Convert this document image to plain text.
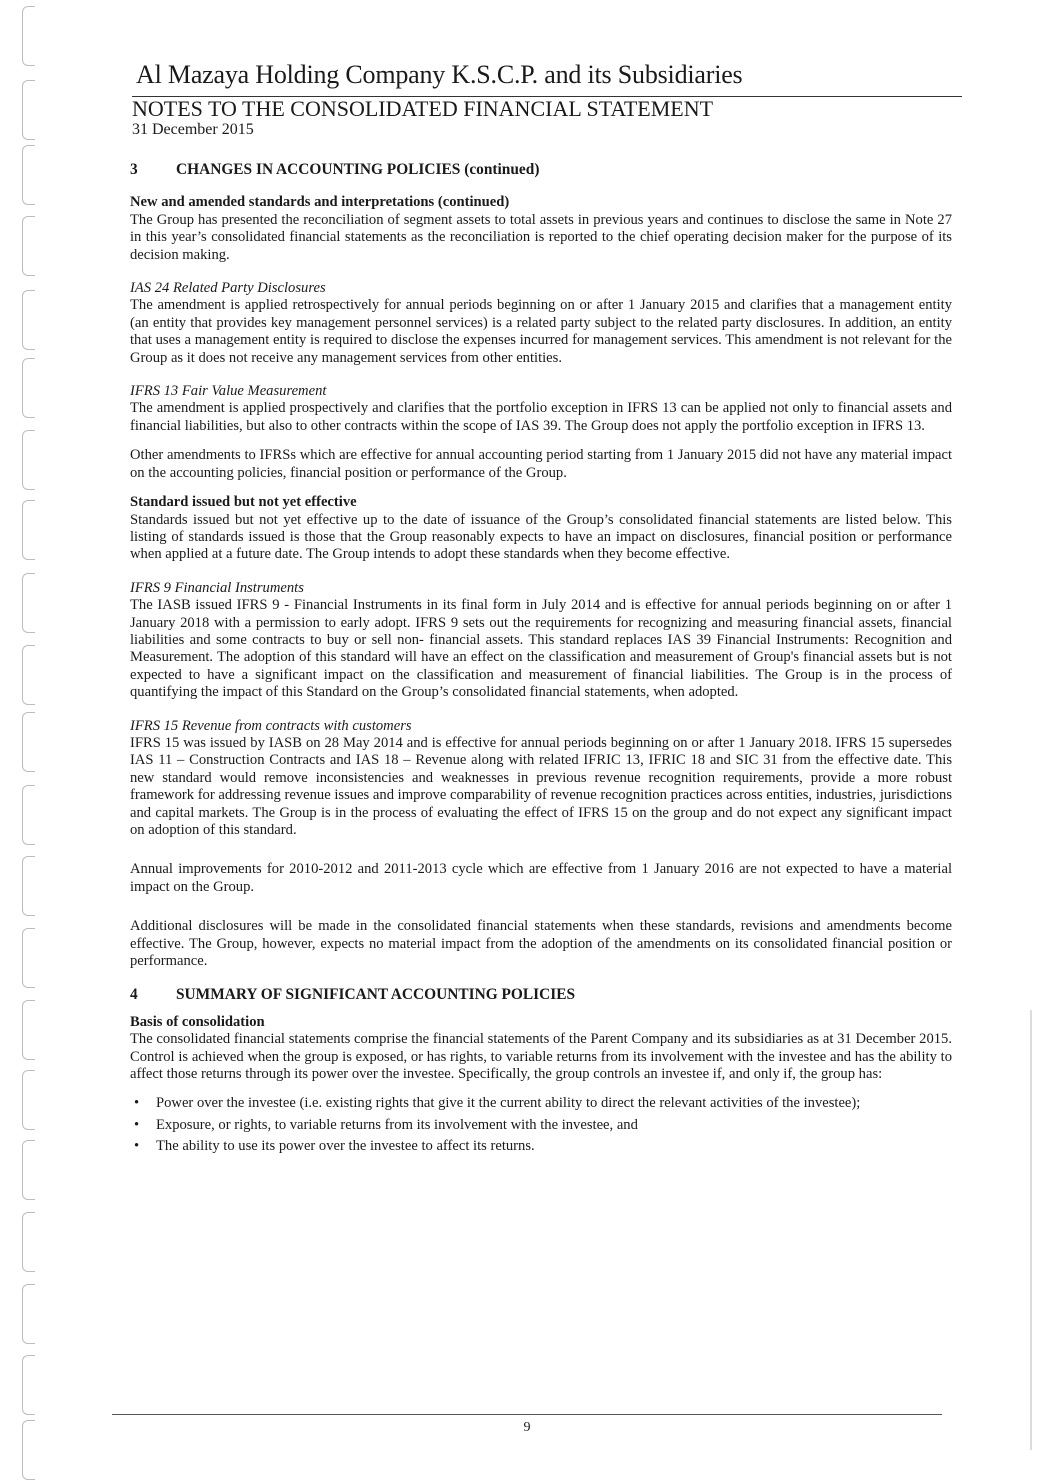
Al Mazaya Holding Company K.S.C.P. and its Subsidiaries
NOTES TO THE CONSOLIDATED FINANCIAL STATEMENT
31 December 2015
3 CHANGES IN ACCOUNTING POLICIES (continued)
New and amended standards and interpretations (continued)

The Group has presented the reconciliation of segment assets to total assets in previous years and continues to disclose the same in Note 27 in this year’s consolidated financial statements as the reconciliation is reported to the chief operating decision maker for the purpose of its decision making.

IAS 24 Related Party Disclosures

The amendment is applied retrospectively for annual periods beginning on or after 1 January 2015 and clarifies that a management entity (an entity that provides key management personnel services) is a related party subject to the related party disclosures. In addition, an entity that uses a management entity is required to disclose the expenses incurred for management services. This amendment is not relevant for the Group as it does not receive any management services from other entities.

IFRS 13 Fair Value Measurement

The amendment is applied prospectively and clarifies that the portfolio exception in IFRS 13 can be applied not only to financial assets and financial liabilities, but also to other contracts within the scope of IAS 39. The Group does not apply the portfolio exception in IFRS 13.

Other amendments to IFRSs which are effective for annual accounting period starting from 1 January 2015 did not have any material impact on the accounting policies, financial position or performance of the Group.

Standard issued but not yet effective

Standards issued but not yet effective up to the date of issuance of the Group’s consolidated financial statements are listed below. This listing of standards issued is those that the Group reasonably expects to have an impact on disclosures, financial position or performance when applied at a future date. The Group intends to adopt these standards when they become effective.

IFRS 9 Financial Instruments

The IASB issued IFRS 9 - Financial Instruments in its final form in July 2014 and is effective for annual periods beginning on or after 1 January 2018 with a permission to early adopt. IFRS 9 sets out the requirements for recognizing and measuring financial assets, financial liabilities and some contracts to buy or sell non- financial assets. This standard replaces IAS 39 Financial Instruments: Recognition and Measurement. The adoption of this standard will have an effect on the classification and measurement of Group's financial assets but is not expected to have a significant impact on the classification and measurement of financial liabilities. The Group is in the process of quantifying the impact of this Standard on the Group’s consolidated financial statements, when adopted.

IFRS 15 Revenue from contracts with customers

IFRS 15 was issued by IASB on 28 May 2014 and is effective for annual periods beginning on or after 1 January 2018. IFRS 15 supersedes IAS 11 – Construction Contracts and IAS 18 – Revenue along with related IFRIC 13, IFRIC 18 and SIC 31 from the effective date. This new standard would remove inconsistencies and weaknesses in previous revenue recognition requirements, provide a more robust framework for addressing revenue issues and improve comparability of revenue recognition practices across entities, industries, jurisdictions and capital markets. The Group is in the process of evaluating the effect of IFRS 15 on the group and do not expect any significant impact on adoption of this standard.

Annual improvements for 2010-2012 and 2011-2013 cycle which are effective from 1 January 2016 are not expected to have a material impact on the Group.

Additional disclosures will be made in the consolidated financial statements when these standards, revisions and amendments become effective. The Group, however, expects no material impact from the adoption of the amendments on its consolidated financial position or performance.

4 SUMMARY OF SIGNIFICANT ACCOUNTING POLICIES
Basis of consolidation

The consolidated financial statements comprise the financial statements of the Parent Company and its subsidiaries as at 31 December 2015. Control is achieved when the group is exposed, or has rights, to variable returns from its involvement with the investee and has the ability to affect those returns through its power over the investee. Specifically, the group controls an investee if, and only if, the group has:

• Power over the investee (i.e. existing rights that give it the current ability to direct the relevant activities of the investee);
• Exposure, or rights, to variable returns from its involvement with the investee, and
• The ability to use its power over the investee to affect its returns.
9
